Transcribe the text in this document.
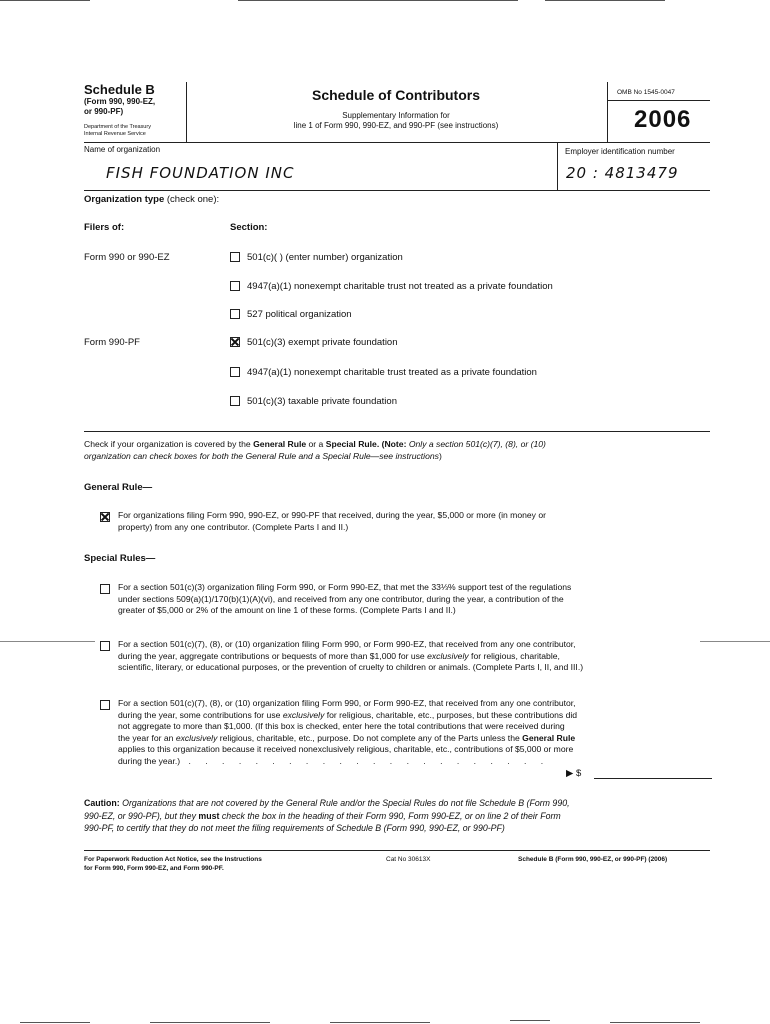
Schedule B
(Form 990, 990-EZ,
or 990-PF)
Department of the Treasury
Internal Revenue Service
Schedule of Contributors
Supplementary Information for
line 1 of Form 990, 990-EZ, and 990-PF (see instructions)
OMB No 1545-0047
2006
Name of organization
FISH FOUNDATION INC
Employer identification number
20 : 4813479
Organization type (check one):
Filers of:	Section:
Form 990 or 990-EZ	501(c)( ) (enter number) organization
4947(a)(1) nonexempt charitable trust not treated as a private foundation
527 political organization
Form 990-PF	501(c)(3) exempt private foundation
4947(a)(1) nonexempt charitable trust treated as a private foundation
501(c)(3) taxable private foundation
Check if your organization is covered by the General Rule or a Special Rule. (Note: Only a section 501(c)(7), (8), or (10)
organization can check boxes for both the General Rule and a Special Rule—see instructions)
General Rule—
For organizations filing Form 990, 990-EZ, or 990-PF that received, during the year, $5,000 or more (in money or
property) from any one contributor. (Complete Parts I and II.)
Special Rules—
For a section 501(c)(3) organization filing Form 990, or Form 990-EZ, that met the 33⅓% support test of the regulations
under sections 509(a)(1)/170(b)(1)(A)(vi), and received from any one contributor, during the year, a contribution of the
greater of $5,000 or 2% of the amount on line 1 of these forms. (Complete Parts I and II.)
For a section 501(c)(7), (8), or (10) organization filing Form 990, or Form 990-EZ, that received from any one contributor,
during the year, aggregate contributions or bequests of more than $1,000 for use exclusively for religious, charitable,
scientific, literary, or educational purposes, or the prevention of cruelty to children or animals. (Complete Parts I, II, and III.)
For a section 501(c)(7), (8), or (10) organization filing Form 990, or Form 990-EZ, that received from any one contributor,
during the year, some contributions for use exclusively for religious, charitable, etc., purposes, but these contributions did
not aggregate to more than $1,000. (If this box is checked, enter here the total contributions that were received during
the year for an exclusively religious, charitable, etc., purpose. Do not complete any of the Parts unless the General Rule
applies to this organization because it received nonexclusively religious, charitable, etc., contributions of $5,000 or more
during the year.) . . . . . . . . . . . . . . . . . . . . . .
▶ $
Caution: Organizations that are not covered by the General Rule and/or the Special Rules do not file Schedule B (Form 990,
990-EZ, or 990-PF), but they must check the box in the heading of their Form 990, Form 990-EZ, or on line 2 of their Form
990-PF, to certify that they do not meet the filing requirements of Schedule B (Form 990, 990-EZ, or 990-PF)
For Paperwork Reduction Act Notice, see the Instructions
for Form 990, Form 990-EZ, and Form 990-PF.
Cat No 30613X	Schedule B (Form 990, 990-EZ, or 990-PF) (2006)
